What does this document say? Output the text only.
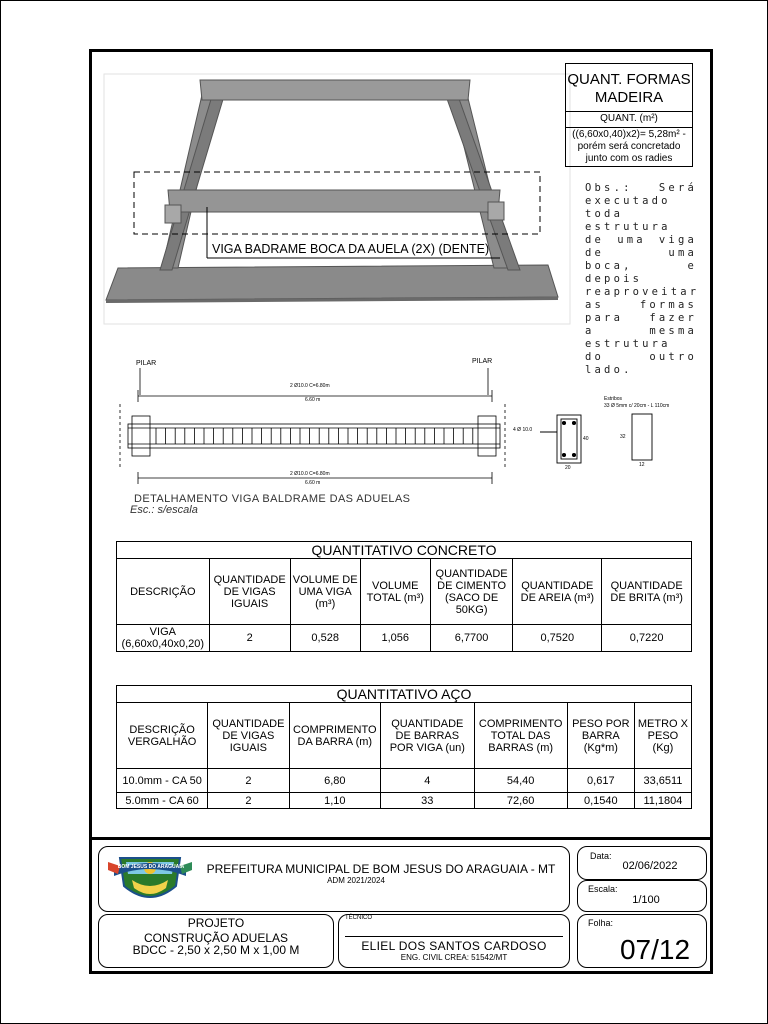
PILAR	PILAR
2 Ø10.0 C=6.80m
6.60 m
2 Ø10.0 C=6.80m
6.60 m
4 Ø 10.0
40
20
Estribos
33 Ø 5mm c/ 20cm - L 110cm
32
12
VIGA BADRAME BOCA DA AUELA (2X) (DENTE)
QUANT. FORMAS MADEIRA
QUANT. (m²)
((6,60x0,40)x2)= 5,28m² - porém será concretado junto com os radies
Obs.: Será executado toda estrutura de uma viga de uma boca, e depois reaproveitar as formas para fazer a mesma estrutura do outro lado.
DETALHAMENTO VIGA BALDRAME DAS ADUELAS
Esc.: s/escala
QUANTITATIVO CONCRETO						
DESCRIÇÃO	QUANTIDADE DE VIGAS IGUAIS	VOLUME DE UMA VIGA (m³)	VOLUME TOTAL (m³)	QUANTIDADE DE CIMENTO (SACO DE 50KG)	QUANTIDADE DE AREIA (m³)	QUANTIDADE DE BRITA (m³)
VIGA (6,60x0,40x0,20)	2	0,528	1,056	6,7700	0,7520	0,7220
QUANTITATIVO AÇO						
DESCRIÇÃO VERGALHÃO	QUANTIDADE DE VIGAS IGUAIS	COMPRIMENTO DA BARRA (m)	QUANTIDADE DE BARRAS POR VIGA (un)	COMPRIMENTO TOTAL DAS BARRAS (m)	PESO POR BARRA (Kg*m)	METRO X PESO (Kg)
10.0mm - CA 50	2	6,80	4	54,40	0,617	33,6511
5.0mm - CA 60	2	1,10	33	72,60	0,1540	11,1804
BOM JESUS DO ARAGUAIA	PREFEITURA MUNICIPAL DE BOM JESUS DO ARAGUAIA - MT
ADM 2021/2024
Data:
02/06/2022
Escala:
1/100
PROJETO
CONSTRUÇÃO ADUELAS
BDCC - 2,50 x 2,50 M x 1,00 M
TÉCNICO
ELIEL DOS SANTOS CARDOSO
ENG. CIVIL CREA: 51542/MT
Folha:
07/12
